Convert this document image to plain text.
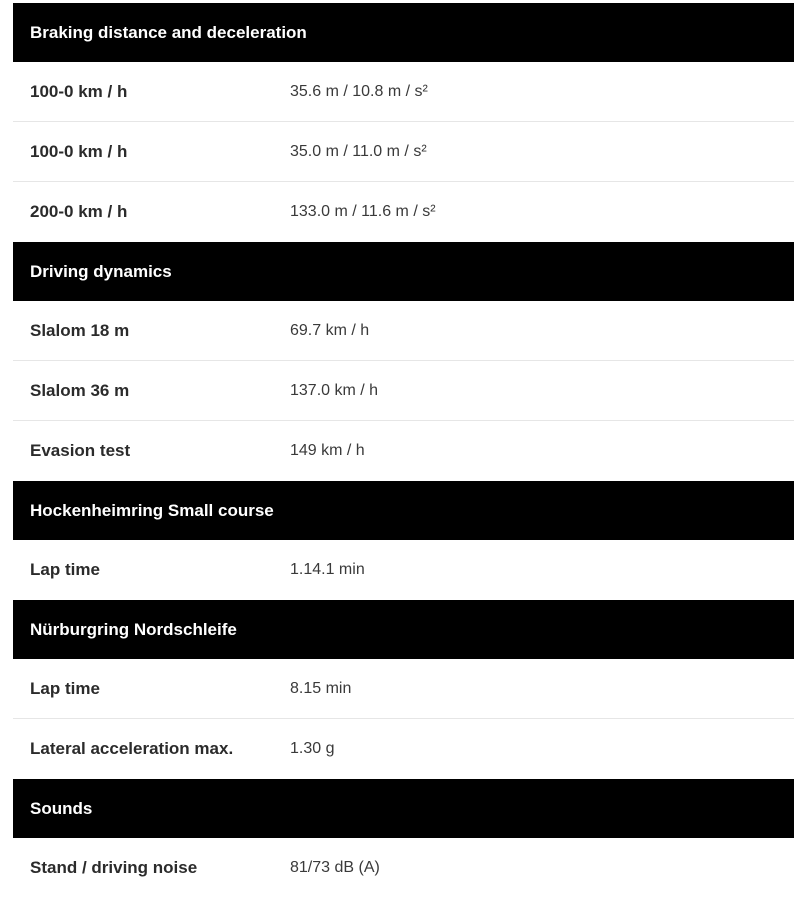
Braking distance and deceleration
100-0 km / h	35.6 m / 10.8 m / s²
100-0 km / h	35.0 m / 11.0 m / s²
200-0 km / h	133.0 m / 11.6 m / s²
Driving dynamics
Slalom 18 m	69.7 km / h
Slalom 36 m	137.0 km / h
Evasion test	149 km / h
Hockenheimring Small course
Lap time	1.14.1 min
Nürburgring Nordschleife
Lap time	8.15 min
Lateral acceleration max.	1.30 g
Sounds
Stand / driving noise	81/73 dB (A)
